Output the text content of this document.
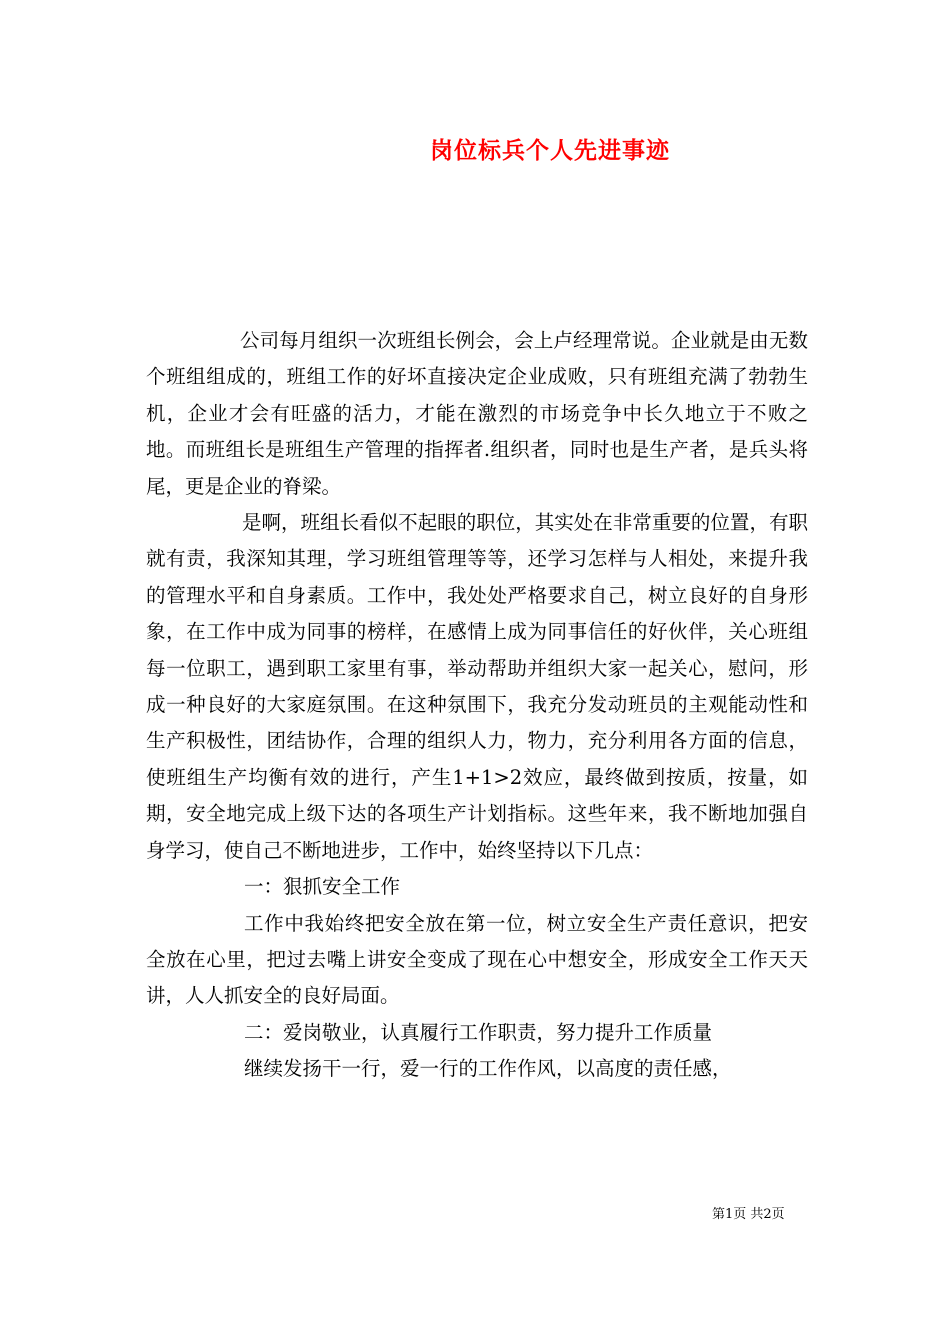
岗位标兵个人先进事迹

公司每月组织一次班组长例会，会上卢经理常说。企业就是由无数个班组组成的，班组工作的好坏直接决定企业成败，只有班组充满了勃勃生机，企业才会有旺盛的活力，才能在激烈的市场竞争中长久地立于不败之地。而班组长是班组生产管理的指挥者.组织者，同时也是生产者，是兵头将尾，更是企业的脊梁。

是啊，班组长看似不起眼的职位，其实处在非常重要的位置，有职就有责，我深知其理，学习班组管理等等，还学习怎样与人相处，来提升我的管理水平和自身素质。工作中，我处处严格要求自己，树立良好的自身形象，在工作中成为同事的榜样，在感情上成为同事信任的好伙伴，关心班组每一位职工，遇到职工家里有事，举动帮助并组织大家一起关心，慰问，形成一种良好的大家庭氛围。在这种氛围下，我充分发动班员的主观能动性和生产积极性，团结协作，合理的组织人力，物力，充分利用各方面的信息，使班组生产均衡有效的进行，产生1+1>2效应，最终做到按质，按量，如期，安全地完成上级下达的各项生产计划指标。这些年来，我不断地加强自身学习，使自己不断地进步，工作中，始终坚持以下几点：

一：狠抓安全工作

工作中我始终把安全放在第一位，树立安全生产责任意识，把安全放在心里，把过去嘴上讲安全变成了现在心中想安全，形成安全工作天天讲，人人抓安全的良好局面。

二：爱岗敬业，认真履行工作职责，努力提升工作质量

继续发扬干一行，爱一行的工作作风，以高度的责任感，

第1页 共2页
